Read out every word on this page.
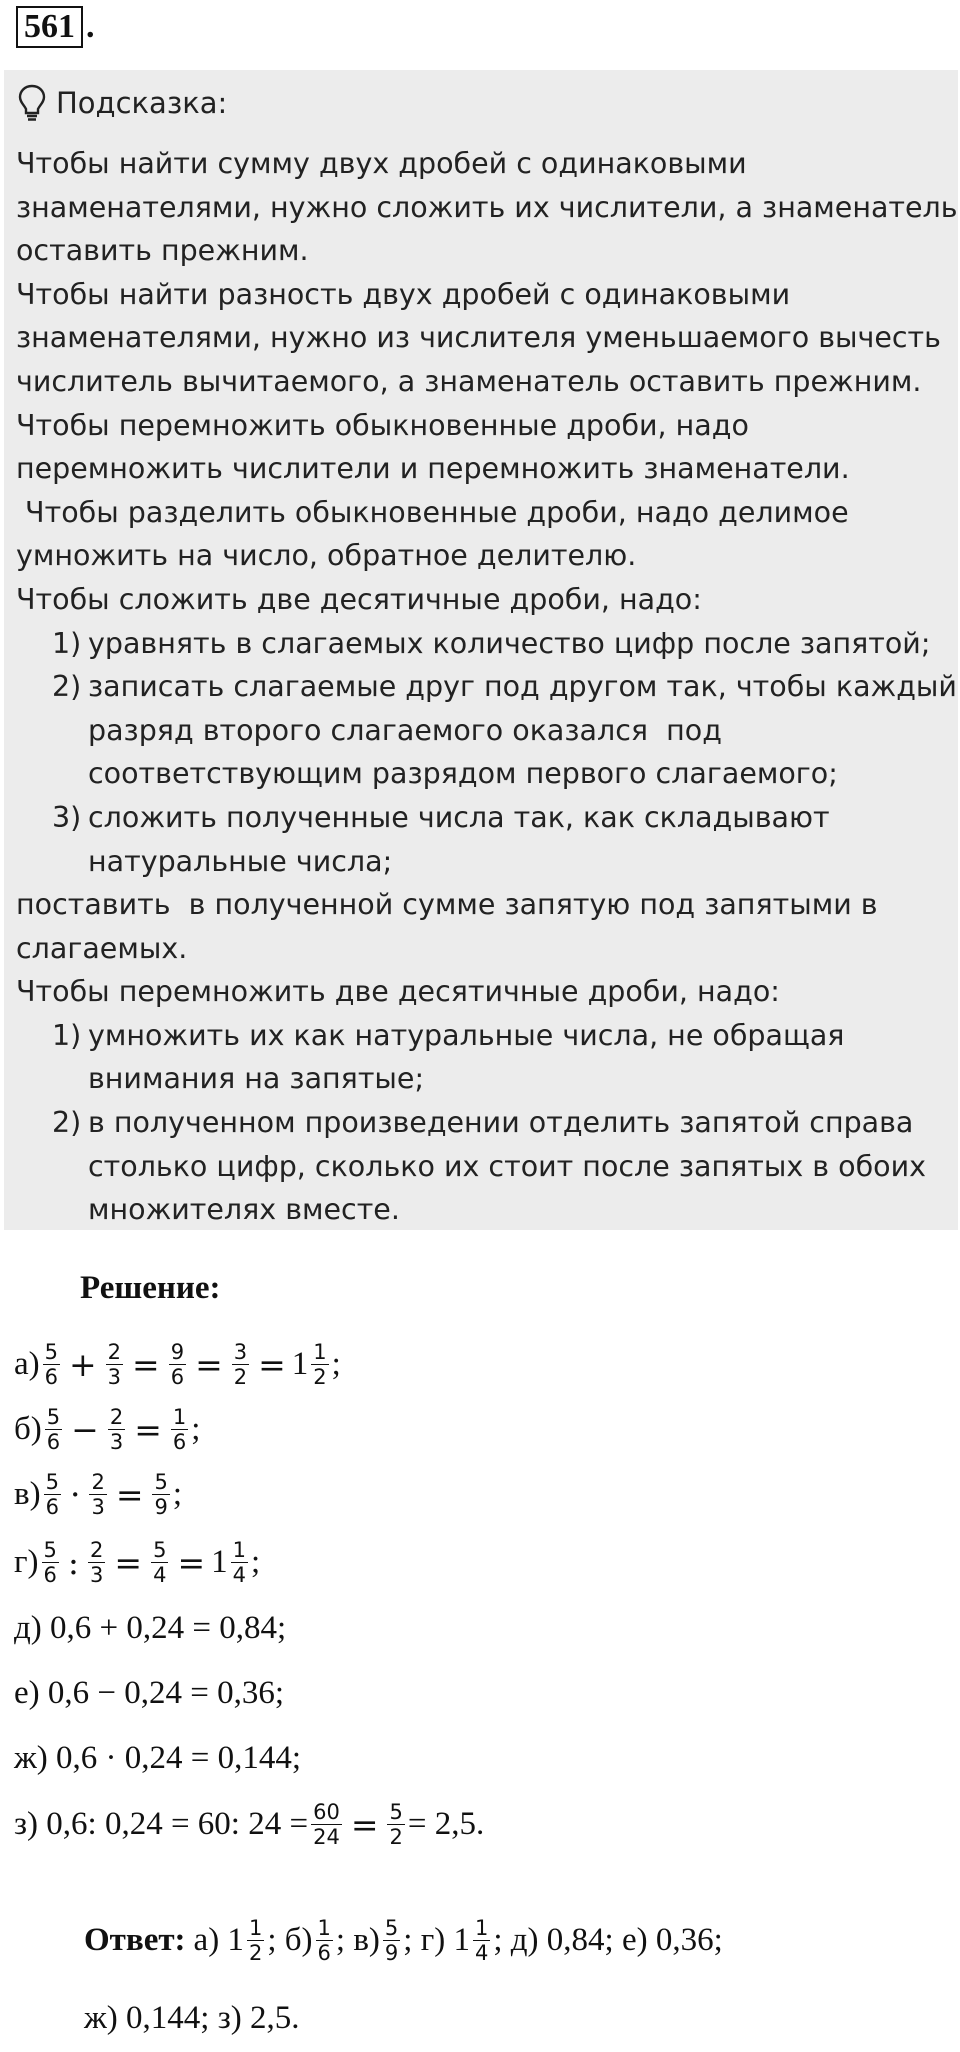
561 .
Подсказка:
Чтобы найти сумму двух дробей с одинаковыми
знаменателями, нужно сложить их числители, а знаменатель
оставить прежним.
Чтобы найти разность двух дробей с одинаковыми
знаменателями, нужно из числителя уменьшаемого вычесть
числитель вычитаемого, а знаменатель оставить прежним.
Чтобы перемножить обыкновенные дроби, надо
перемножить числители и перемножить знаменатели.
Чтобы разделить обыкновенные дроби, надо делимое
умножить на число, обратное делителю.
Чтобы сложить две десятичные дроби, надо:
1) уравнять в слагаемых количество цифр после запятой;
2) записать слагаемые друг под другом так, чтобы каждый
разряд второго слагаемого оказался  под
соответствующим разрядом первого слагаемого;
3) сложить полученные числа так, как складывают
натуральные числа;
поставить  в полученной сумме запятую под запятыми в
слагаемых.
Чтобы перемножить две десятичные дроби, надо:
1) умножить их как натуральные числа, не обращая
внимания на запятые;
2) в полученном произведении отделить запятой справа
столько цифр, сколько их стоит после запятых в обоих
множителях вместе.
Решение:
$а) \frac{5}{6} + \frac{2}{3} = \frac{9}{6} = \frac{3}{2} = 1 \frac{1}{2}$ ;
$б) \frac{5}{6} - \frac{2}{3} = \frac{1}{6}$ ;
$в) \frac{5}{6} \cdot \frac{2}{3} = \frac{5}{9}$ ;
$г) \frac{5}{6}$ : $\frac{2}{3} = \frac{5}{4} = 1 \frac{1}{4}$ ;
д)
0,6 + 0,24 = 0,84;
е)
0,6 − 0,24 = 0,36;
ж)
0,6 · 0,24 = 0,144;
з)
0,6: 0,24 = 60: $24 = \frac{60}{24} = \frac{5}{2} = 2,5$.
Ответ: а) $1 \frac{1}{2}$ ;
$б) \frac{1}{6}$ ;
$в) \frac{5}{9}$ ;
г) $1 \frac{1}{4}$ ;
д) 0,84; е) 0,36;
ж) 0,144; з) 2,5.
